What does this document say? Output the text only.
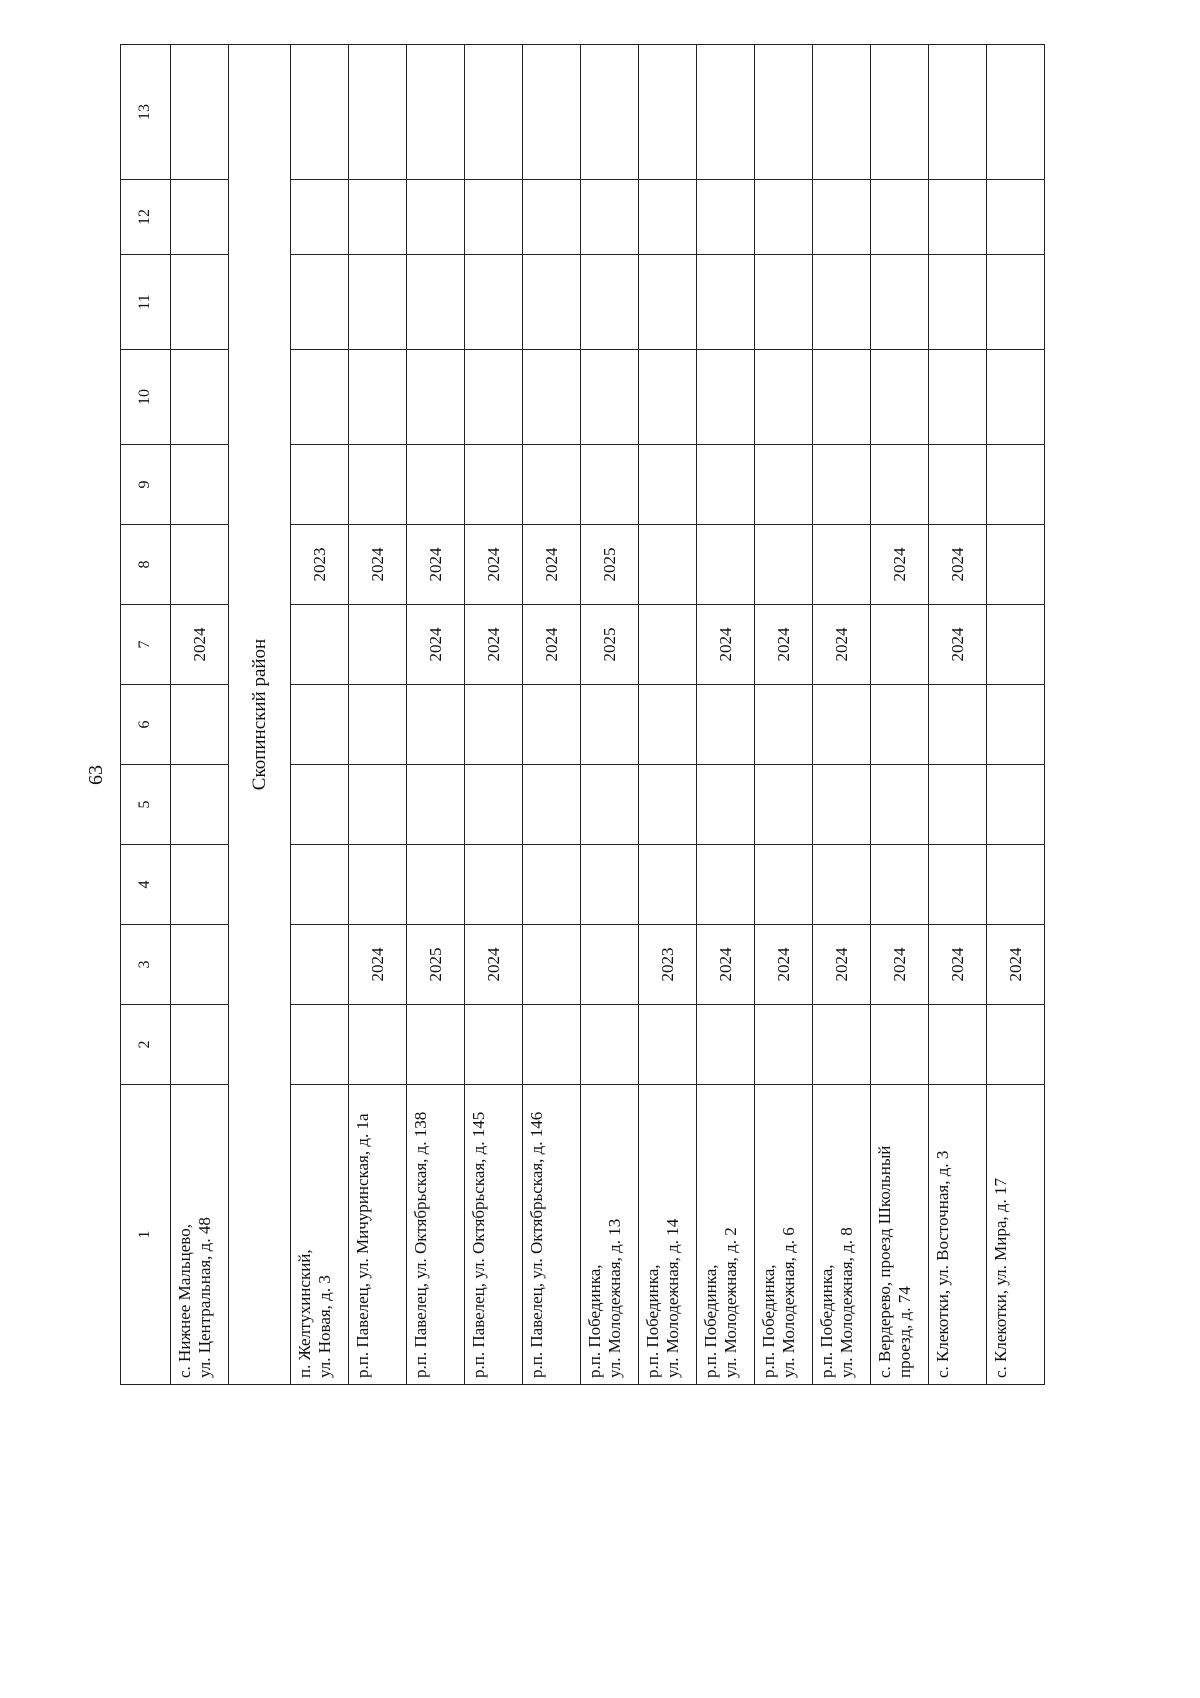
63
1	2	3	4	5	6	7	8	9	10	11	12	13
с. Нижнее Мальцево,
ул. Центральная, д. 48						2024						
Скопинский район												
п. Желтухинский,
ул. Новая, д. 3							2023					
р.п. Павелец, ул. Мичуринская, д. 1а		2024					2024					
р.п. Павелец, ул. Октябрьская, д. 138		2025				2024	2024					
р.п. Павелец, ул. Октябрьская, д. 145		2024				2024	2024					
р.п. Павелец, ул. Октябрьская, д. 146						2024	2024					
р.п. Побединка,
ул. Молодежная, д. 13						2025	2025					
р.п. Побединка,
ул. Молодежная, д. 14		2023										
р.п. Побединка,
ул. Молодежная, д. 2		2024				2024						
р.п. Побединка,
ул. Молодежная, д. 6		2024				2024						
р.п. Побединка,
ул. Молодежная, д. 8		2024				2024						
с. Вердерево, проезд Школьный проезд, д. 74		2024					2024					
с. Клекотки, ул. Восточная, д. 3		2024				2024	2024					
с. Клекотки, ул. Мира, д. 17		2024										
